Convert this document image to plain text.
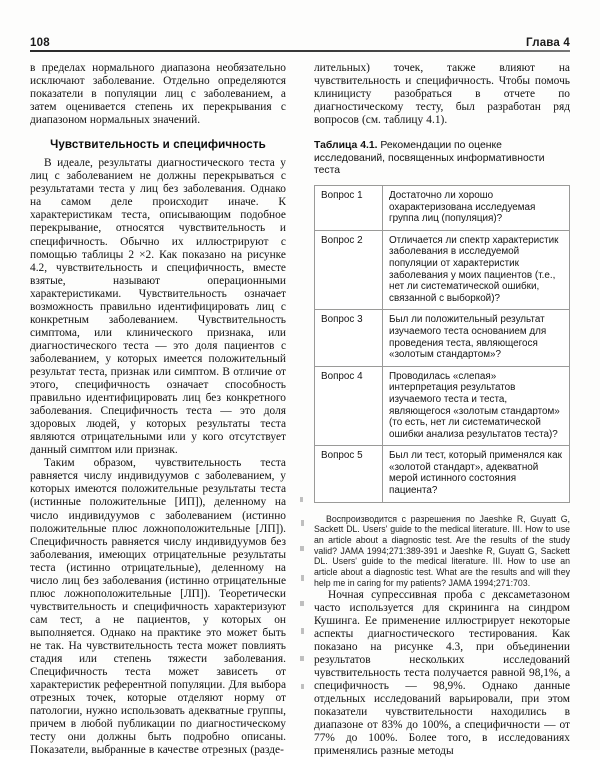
108	Глава 4

в пределах нормального диапазона необязательно исключают заболевание. Отдельно определяются показатели в популяции лиц с заболеванием, а затем оценивается степень их перекрывания с диапазоном нормальных значений.

Чувствительность и специфичность

В идеале, результаты диагностического теста у лиц с заболеванием не должны перекрываться с результатами теста у лиц без заболевания. Однако на самом деле происходит иначе. К характеристикам теста, описывающим подобное перекрывание, относятся чувствительность и специфичность. Обычно их иллюстрируют с помощью таблицы 2 ×2. Как показано на рисунке 4.2, чувствительность и специфичность, вместе взятые, называют операционными характеристиками. Чувствительность означает возможность правильно идентифицировать лиц с конкретным заболеванием. Чувствительность симптома, или клинического признака, или диагностического теста — это доля пациентов с заболеванием, у которых имеется положительный результат теста, признак или симптом. В отличие от этого, специфичность означает способность правильно идентифицировать лиц без конкретного заболевания. Специфичность теста — это доля здоровых людей, у которых результаты теста являются отрицательными или у кого отсутствует данный симптом или признак.

Таким образом, чувствительность теста равняется числу индивидуумов с заболеванием, у которых имеются положительные результаты теста (истинные положительные [ИП]), деленному на число индивидуумов с заболеванием (истинно положительные плюс ложноположительные [ЛП]). Специфичность равняется числу индивидуумов без заболевания, имеющих отрицательные результаты теста (истинно отрицательные), деленному на число лиц без заболевания (истинно отрицательные плюс ложноположительные [ЛП]). Теоретически чувствительность и специфичность характеризуют сам тест, а не пациентов, у которых он выполняется. Однако на практике это может быть не так. На чувствительность теста может повлиять стадия или степень тяжести заболевания. Специфичность теста может зависеть от характеристик референтной популяции. Для выбора отрезных точек, которые отделяют норму от патологии, нужно использовать адекватные группы, причем в любой публикации по диагностическому тесту они должны быть подробно описаны. Показатели, выбранные в качестве отрезных (разде-

лительных) точек, также влияют на чувствительность и специфичность. Чтобы помочь клиницисту разобраться в отчете по диагностическому тесту, был разработан ряд вопросов (см. таблицу 4.1).

Таблица 4.1. Рекомендации по оценке исследований, посвященных информативности теста
Вопрос 1	Достаточно ли хорошо охарактеризована исследуемая группа лиц (популяция)?
Вопрос 2	Отличается ли спектр характеристик заболевания в исследуемой популяции от характеристик заболевания у моих пациентов (т.е., нет ли систематической ошибки, связанной с выборкой)?
Вопрос 3	Был ли положительный результат изучаемого теста основанием для проведения теста, являющегося «золотым стандартом»?
Вопрос 4	Проводилась «слепая» интерпретация результатов изучаемого теста и теста, являющегося «золотым стандартом» (то есть, нет ли систематической ошибки анализа результатов теста)?
Вопрос 5	Был ли тест, который применялся как «золотой стандарт», адекватной мерой истинного состояния пациента?
Воспроизводится с разрешения по Jaeshke R, Guyatt G, Sackett DL. Users' guide to the medical literature. III. How to use an article about a diagnostic test. Are the results of the study valid? JAMA 1994;271:389-391 и Jaeshke R, Guyatt G, Sackett DL. Users' guide to the medical literature. III. How to use an article about a diagnostic test. What are the results and will they help me in caring for my patients? JAMA 1994;271:703.

Ночная супрессивная проба с дексаметазоном часто используется для скрининга на синдром Кушинга. Ее применение иллюстрирует некоторые аспекты диагностического тестирования. Как показано на рисунке 4.3, при объединении результатов нескольких исследований чувствительность теста получается равной 98,1%, а специфичность — 98,9%. Однако данные отдельных исследований варьировали, при этом показатели чувствительности находились в диапазоне от 83% до 100%, а специфичности — от 77% до 100%. Более того, в исследованиях применялись разные методы
